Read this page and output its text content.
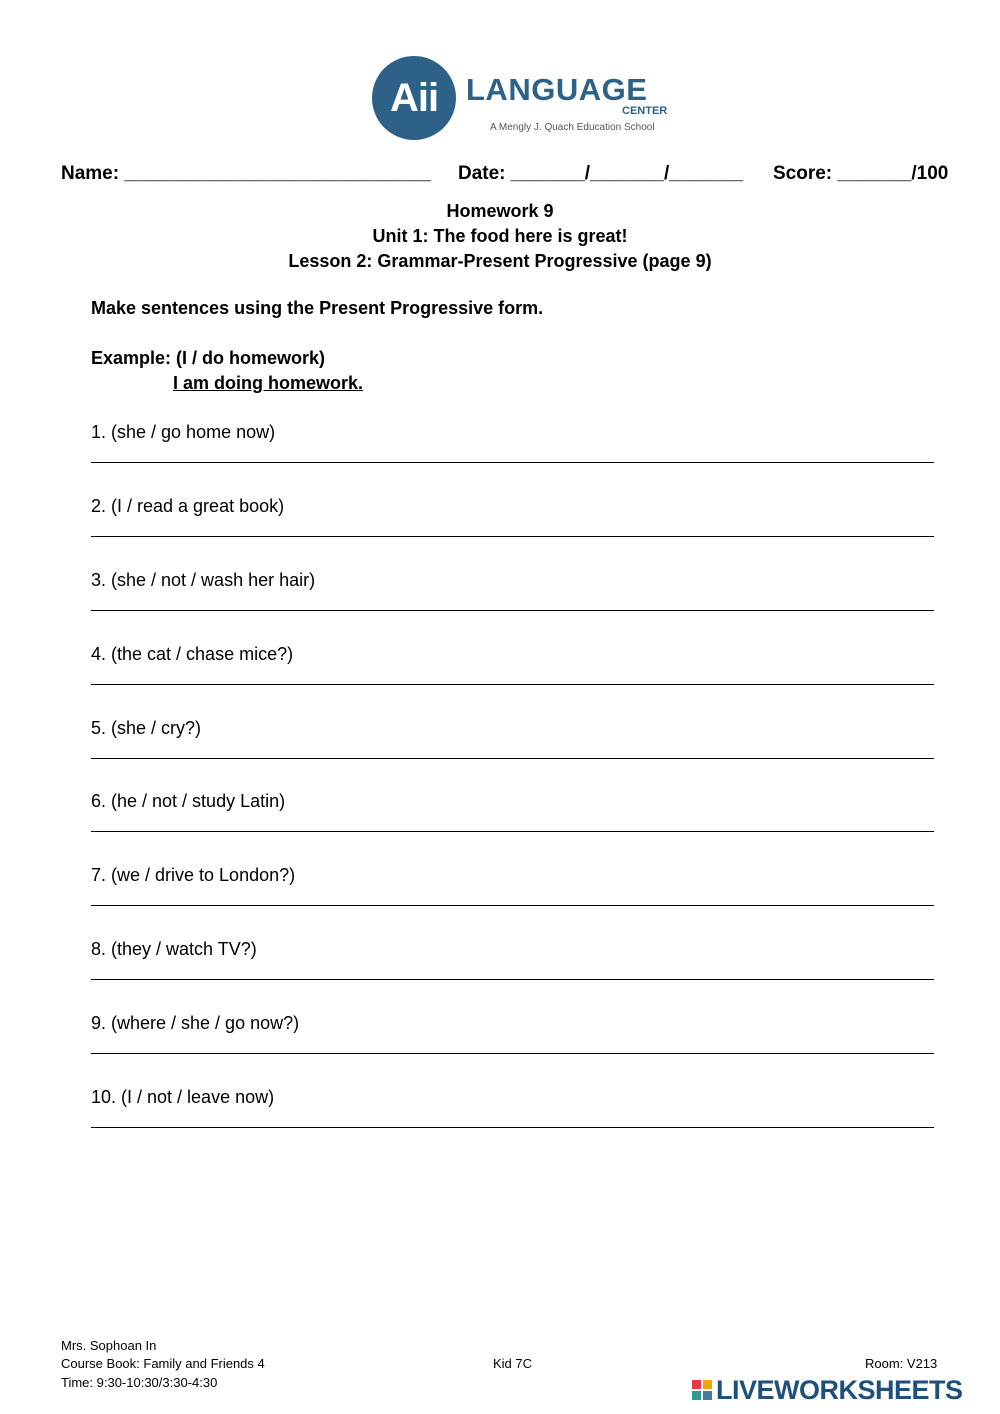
Aii LANGUAGE
CENTER
A Mengly J. Quach Education School
Name: _____________________________ Date: _______/_______/_______ Score: _______/100
Homework 9
Unit 1: The food here is great!
Lesson 2: Grammar-Present Progressive (page 9)
Make sentences using the Present Progressive form.
Example: (I / do homework)
I am doing homework.
1. (she / go home now)
2. (I / read a great book)
3. (she / not / wash her hair)
4. (the cat / chase mice?)
5. (she / cry?)
6. (he / not / study Latin)
7. (we / drive to London?)
8. (they / watch TV?)
9. (where / she / go now?)
10. (I / not / leave now)
Mrs. Sophoan In
Course Book: Family and Friends 4
Time: 9:30-10:30/3:30-4:30
Kid 7C	Room: V213
LIVEWORKSHEETS
